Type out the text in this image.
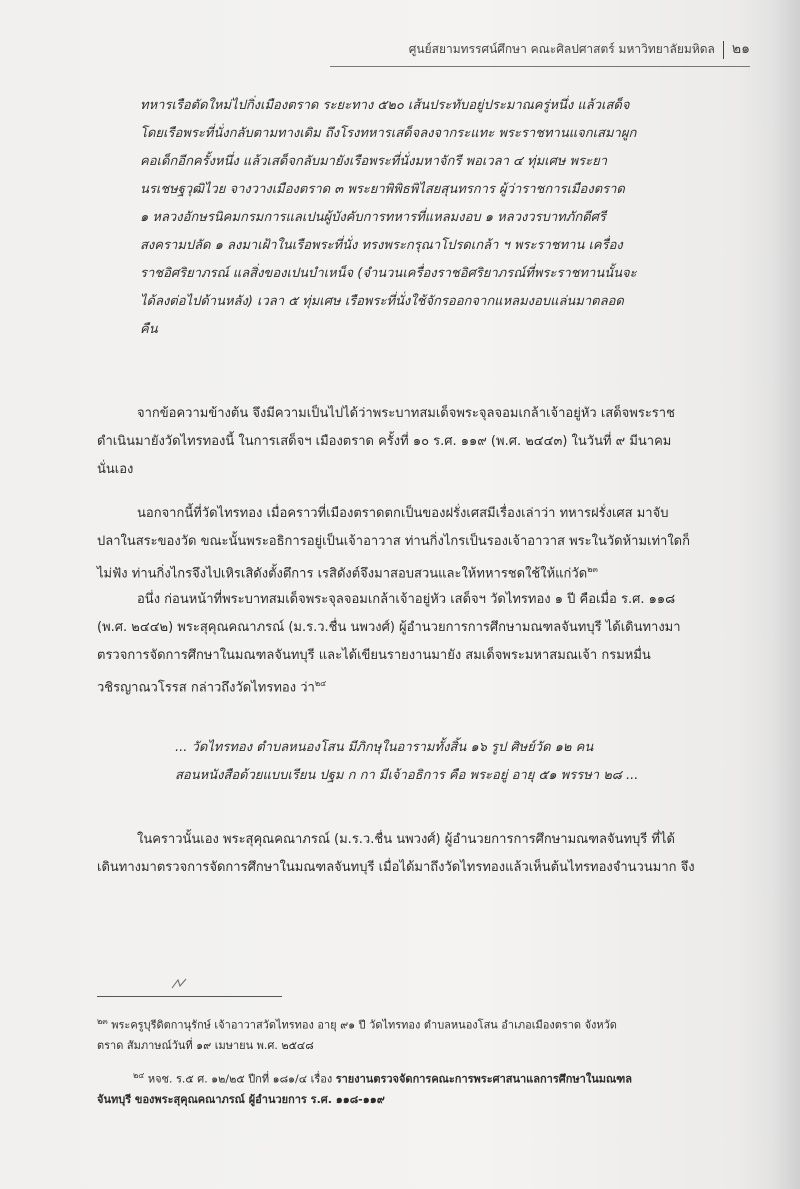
ศูนย์สยามทรรศน์ศึกษา คณะศิลปศาสตร์ มหาวิทยาลัยมหิดล ๒๑
ทหารเรือตัดใหม่ไปกิ่งเมืองตราด ระยะทาง ๕๒๐ เส้นประทับอยู่ประมาณครู่หนึ่ง แล้วเสด็จ
โดยเรือพระที่นั่งกลับตามทางเดิม ถึงโรงทหารเสด็จลงจากระแทะ พระราชทานแจกเสมาผูก
คอเด็กอีกครั้งหนึ่ง แล้วเสด็จกลับมายังเรือพระที่นั่งมหาจักรี พอเวลา ๔ ทุ่มเศษ พระยา
นรเชษฐวุฒิไวย จางวางเมืองตราด ๓ พระยาพิพิธพิไสยสุนทรการ ผู้ว่าราชการเมืองตราด
๑ หลวงอักษรนิคมกรมการแลเปนผู้บังคับการทหารที่แหลมงอบ ๑ หลวงวรบาทภักดีศรี
สงครามปลัด ๑ ลงมาเฝ้าในเรือพระที่นั่ง ทรงพระกรุณาโปรดเกล้า ฯ พระราชทาน เครื่อง
ราชอิศริยาภรณ์ แลสิ่งของเปนบำเหน็จ (จำนวนเครื่องราชอิศริยาภรณ์ที่พระราชทานนั้นจะ
ได้ลงต่อไปด้านหลัง) เวลา ๕ ทุ่มเศษ เรือพระที่นั่งใช้จักรออกจากแหลมงอบแล่นมาตลอด
คืน
จากข้อความข้างต้น จึงมีความเป็นไปได้ว่าพระบาทสมเด็จพระจุลจอมเกล้าเจ้าอยู่หัว เสด็จพระราช
ดำเนินมายังวัดไทรทองนี้ ในการเสด็จฯ เมืองตราด ครั้งที่ ๑๐ ร.ศ. ๑๑๙ (พ.ศ. ๒๔๔๓) ในวันที่ ๙ มีนาคม
นั่นเอง
นอกจากนี้ที่วัดไทรทอง เมื่อคราวที่เมืองตราดตกเป็นของฝรั่งเศสมีเรื่องเล่าว่า ทหารฝรั่งเศส มาจับ
ปลาในสระของวัด ขณะนั้นพระอธิการอยู่เป็นเจ้าอาวาส ท่านกิ่งไกรเป็นรองเจ้าอาวาส พระในวัดห้ามเท่าใดก็
ไม่ฟัง ท่านกิ่งไกรจึงไปเหิรเสิดังตั้งตึการ เรสิดังต์จึงมาสอบสวนและให้ทหารชดใช้ให้แก่วัด$^{๒๓}$
อนึ่ง ก่อนหน้าที่พระบาทสมเด็จพระจุลจอมเกล้าเจ้าอยู่หัว เสด็จฯ วัดไทรทอง ๑ ปี คือเมื่อ ร.ศ. ๑๑๘
(พ.ศ. ๒๔๔๒) พระสุคุณคณาภรณ์ (ม.ร.ว.ชื่น นพวงศ์) ผู้อำนวยการการศึกษามณฑลจันทบุรี ได้เดินทางมา
ตรวจการจัดการศึกษาในมณฑลจันทบุรี และได้เขียนรายงานมายัง สมเด็จพระมหาสมณเจ้า กรมหมื่น
วชิรญาณวโรรส กล่าวถึงวัดไทรทอง ว่า$^{๒๔}$
... วัดไทรทอง ตำบลหนองโสน มีภิกษุในอารามทั้งสิ้น ๑๖ รูป ศิษย์วัด ๑๒ คน
สอนหนังสือด้วยแบบเรียน ปฐม ก กา มีเจ้าอธิการ คือ พระอยู่ อายุ ๕๑ พรรษา ๒๘ ...
ในคราวนั้นเอง พระสุคุณคณาภรณ์ (ม.ร.ว.ชื่น นพวงศ์) ผู้อำนวยการการศึกษามณฑลจันทบุรี ที่ได้
เดินทางมาตรวจการจัดการศึกษาในมณฑลจันทบุรี เมื่อได้มาถึงวัดไทรทองแล้วเห็นต้นไทรทองจำนวนมาก จึง
$^{๒๓}$ พระครูบุรีดิตกานุรักษ์ เจ้าอาวาสวัดไทรทอง อายุ ๙๑ ปี วัดไทรทอง ตำบลหนองโสน อำเภอเมืองตราด จังหวัด
ตราด สัมภาษณ์วันที่ ๑๙ เมษายน พ.ศ. ๒๕๔๘
$^{๒๔}$ หจช. ร.๕ ศ. ๑๒/๒๕ ปีกที่ ๑๘๑/๔ เรื่อง รายงานตรวจจัดการคณะการพระศาสนาแลการศึกษาในมณฑล
จันทบุรี ของพระสุคุณคณาภรณ์ ผู้อำนวยการ ร.ศ. ๑๑๘-๑๑๙
